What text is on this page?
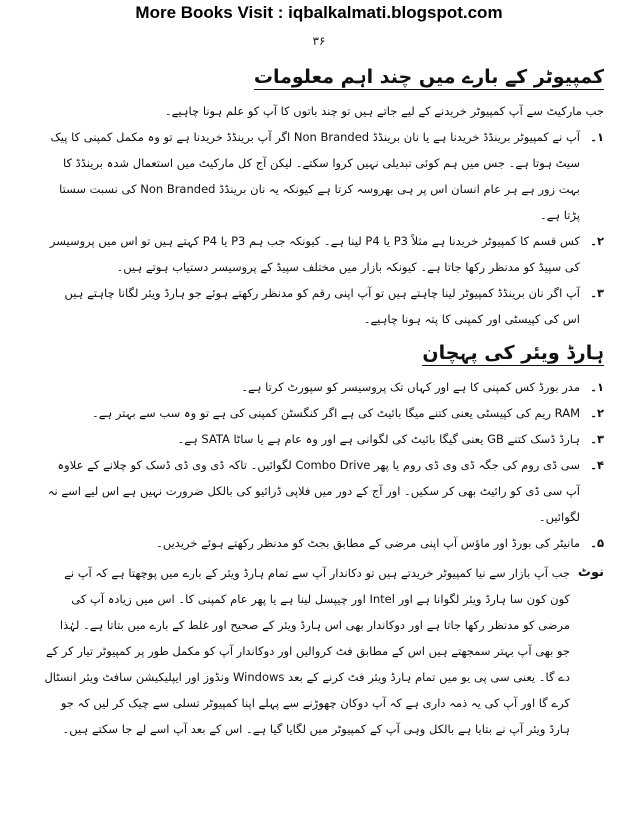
More Books Visit : iqbalkalmati.blogspot.com
۳۶
کمپیوٹر کے بارے میں چند اہم معلومات

جب مارکیٹ سے آپ کمپیوٹر خریدنے کے لیے جاتے ہیں تو چند باتوں کا آپ کو علم ہونا چاہیے۔

۱۔

آپ نے کمپیوٹر برینڈڈ خریدنا ہے یا نان برینڈڈ Non Branded اگر آپ برینڈڈ خریدنا ہے تو وہ مکمل کمپنی کا پیک سیٹ ہوتا ہے۔ جس میں ہم کوئی تبدیلی نہیں کروا سکتے۔ لیکن آج کل مارکیٹ میں استعمال شدہ برینڈڈ کا بہت زور ہے ہر عام انسان اس پر ہی بھروسہ کرتا ہے کیونکہ یہ نان برینڈڈ Non Branded کی نسبت سستا پڑتا ہے۔

۲۔

کس قسم کا کمپیوٹر خریدنا ہے مثلاً P3 یا P4 لینا ہے۔ کیونکہ جب ہم P3 یا P4 کہتے ہیں تو اس میں پروسیسر کی سپیڈ کو مدنظر رکھا جاتا ہے۔ کیونکہ بازار میں مختلف سپیڈ کے پروسیسر دستیاب ہوتے ہیں۔

۳۔

آپ اگر نان برینڈڈ کمپیوٹر لینا چاہتے ہیں تو آپ اپنی رقم کو مدنظر رکھتے ہوئے جو ہارڈ ویئر لگانا چاہتے ہیں اس کی کپیسٹی اور کمپنی کا پتہ ہونا چاہیے۔

ہارڈ ویئر کی پہچان
۱۔

مدر بورڈ کس کمپنی کا ہے اور کہاں تک پروسیسر کو سپورٹ کرتا ہے۔

۲۔

RAM ریم کی کپیسٹی یعنی کتنے میگا بائیٹ کی ہے اگر کنگسٹن کمپنی کی ہے تو وہ سب سے بہتر ہے۔

۳۔

ہارڈ ڈسک کتنے GB یعنی گیگا بائیٹ کی لگوانی ہے اور وہ عام ہے یا ساٹا SATA ہے۔

۴۔

سی ڈی روم کی جگہ ڈی وی ڈی روم یا پھر Combo Drive لگوائیں۔ تاکہ ڈی وی ڈی ڈسک کو چلانے کے علاوہ آپ سی ڈی کو رائیٹ بھی کر سکیں۔ اور آج کے دور میں فلاپی ڈرائیو کی بالکل ضرورت نہیں ہے اس لیے اسے نہ لگوائیں۔

۵۔

مانیٹر کی بورڈ اور ماؤس آپ اپنی مرضی کے مطابق بجٹ کو مدنظر رکھتے ہوئے خریدیں۔

نوٹ

جب آپ بازار سے نیا کمپیوٹر خریدتے ہیں تو دکاندار آپ سے تمام ہارڈ ویئر کے بارے میں پوچھتا ہے کہ آپ نے کون کون سا ہارڈ ویئر لگوانا ہے اور Intel اور چیپسل لینا ہے یا پھر عام کمپنی کا۔ اس میں زیادہ آپ کی مرضی کو مدنظر رکھا جاتا ہے اور دوکاندار بھی اس ہارڈ ویئر کے صحیح اور غلط کے بارے میں بتاتا ہے۔ لہٰذا جو بھی آپ بہتر سمجھتے ہیں اس کے مطابق فٹ کروالیں اور دوکاندار آپ کو مکمل طور پر کمپیوٹر تیار کر کے دے گا۔ یعنی سی پی یو میں تمام ہارڈ ویئر فٹ کرنے کے بعد Windows ونڈوز اور ایپلیکیشن سافٹ ویئر انسٹال کرے گا اور آپ کی یہ ذمہ داری ہے کہ آپ دوکان چھوڑنے سے پہلے اپنا کمپیوٹر تسلی سے چیک کر لیں کہ جو ہارڈ ویئر آپ نے بتایا ہے بالکل وہی آپ کے کمپیوٹر میں لگایا گیا ہے۔ اس کے بعد آپ اسے لے جا سکتے ہیں۔
